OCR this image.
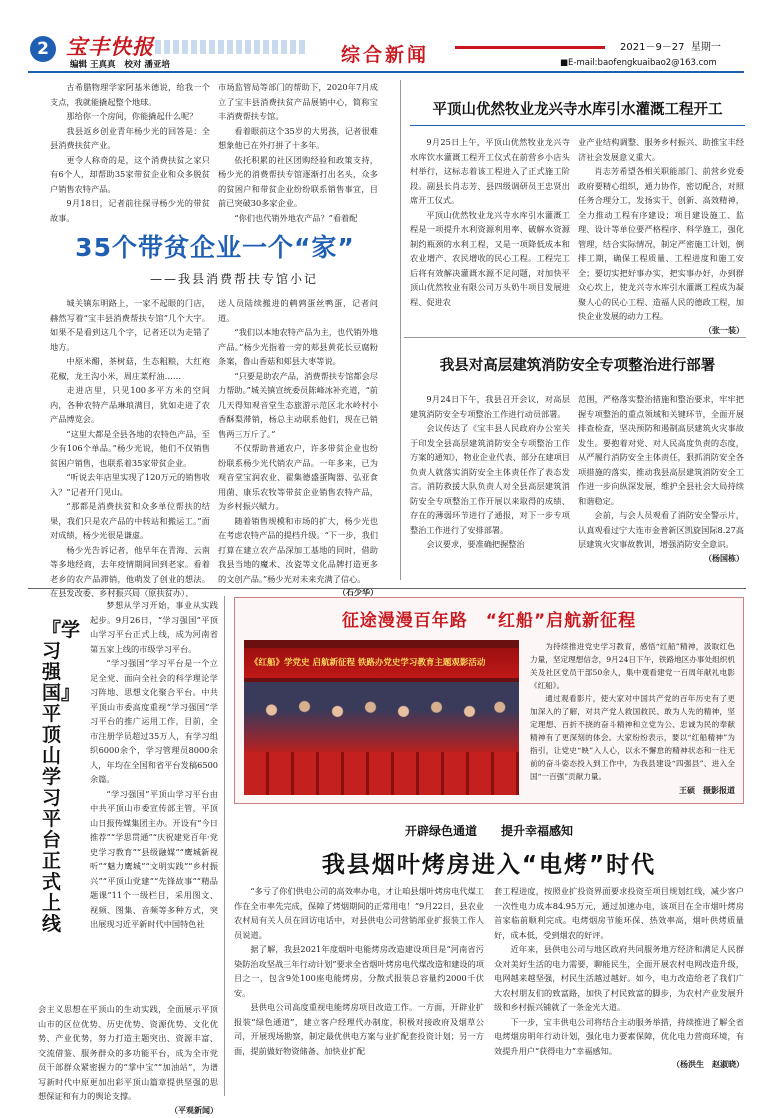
2 宝丰快报
编辑 王真真 校对 潘亚培	综合新闻	2021－9－27 星期一
■E-mail:baofengkuaibao2@163.com

古希腊物理学家阿基米德说，给我一个支点，我就能撬起整个地球。

那给你一个房间，你能撬起什么呢？

我县返乡创业青年杨少光的回答是：全县消费扶贫产业。

更令人称奇的是，这个消费扶贫之家只有6个人，却帮助35家带贫企业和众多脱贫户销售农特产品。

9月18日，记者前往探寻杨少光的带贫故事。

市场监管局等部门的帮助下，2020年7月成立了宝丰县消费扶贫产品展销中心，简称宝丰消费帮扶专馆。

看着眼前这个35岁的大男孩，记者很难想象他已在外打拼了十多年。

依托积累的社区团购经验和政策支持，杨少光的消费帮扶专馆逐渐打出名头，众多的贫困户和带贫企业纷纷联系销售事宜，目前已突破30多家企业。

“你们也代销外地农产品？”看着配

35个带贫企业一个“家”
——我县消费帮扶专馆小记

城关镇东明路上，一家不起眼的门店，赫然写着“宝丰县消费帮扶专馆”几个大字。如果不是看到这几个字，记者还以为走错了地方。

中原米醋，茶树菇，生态粗粮，大红袍花椒，龙王沟小米，周庄菜籽油……

走进店里，只见100多平方米的空间内，各种农特产品琳琅满目，犹如走进了农产品博览会。

“这里大都是全县各地的农特色产品，至少有106个单品。”杨少光说，他们不仅销售贫困户销售，也联系着35家带贫企业。

“听说去年店里实现了120万元的销售收入？”记者开门见山。

“那都是消费扶贫和众多单位帮扶的结果，我们只是农产品的中转站和搬运工。”面对成绩，杨少光很是谦虚。

杨少光告诉记者，他早年在青海、云南等多地经商，去年疫情期间回到老家。看着老乡的农产品滞销，他萌发了创业的想法。在县发改委、乡村振兴局（原扶贫办）、

送人员陆续搬进的鹌鹑蛋丝鸭蛋，记者问道。

“我们以本地农特产品为主，也代销外地产品。”杨少光指着一旁的郏县黄花长豆腐粉条案，鲁山香菇和郏县大枣等说。

“只要是助农产品，消费帮扶专馆都会尽力帮助。”城关镇宣统委员陈峰冰补充道，“前几天得知观音堂生态旅游示范区北水岭村小香酥梨滞销，杨总主动联系他们，现在已销售两三万斤了。”

不仅帮助普通农户，许多带贫企业也纷纷联系杨少光代销农产品。一年多来，已为观音堂宝润农业、翟集德盛蛋陶器、弘亚食用菌、康乐农牧等带贫企业销售农特产品，为乡村振兴赋力。

随着销售规模和市场的扩大，杨少光也在考虑农特产品的提档升级。“下一步，我们打算在建立农产品深加工基地的同时，借助我县当地的魔术、汝瓷等文化品牌打造更多的文创产品。”杨少光对未来充满了信心。

（石少华）
平顶山优然牧业龙兴寺水库引水灌溉工程开工

9月25日上午，平顶山优然牧业龙兴寺水库饮水灌溉工程开工仪式在前营乡小店头村举行，这标志着该工程进入了正式施工阶段。副县长肖志芳、县四级调研员王忠贤出席开工仪式。

平顶山优然牧业龙兴寺水库引水灌溉工程是一项提升水利资源利用率、破解水资源制约瓶颈的水利工程，又是一项降低成本和农业增产、农民增收的民心工程。工程完工后将有效解决灌溉水源不足问题，对加快平顶山优然牧业有限公司万头奶牛项目发展进程、促进农

业产业结构调整、服务乡村振兴、助推宝丰经济社会发展意义重大。

肖志芳希望各相关职能部门、前营乡党委政府要精心组织，通力协作，密切配合，对照任务合理分工，发扬实干、创新、高效精神，全力推动工程有序建设；项目建设施工、监理、设计等单位要严格程序、科学施工，强化管理，结合实际情况，制定严密施工计划，倒排工期，确保工程质量、工程进度和施工安全；要切实把好事办实，把实事办好，办到群众心坎上，使龙兴寺水库引水灌溉工程成为凝聚人心的民心工程、造福人民的德政工程，加快企业发展的动力工程。

（张一装）
我县对高层建筑消防安全专项整治进行部署

9月24日下午，我县召开会议，对高层建筑消防安全专项整治工作进行动员部署。

会议传达了《宝丰县人民政府办公室关于印发全县高层建筑消防安全专项整治工作方案的通知》，物业企业代表、部分在建项目负责人就落实消防安全主体责任作了表态发言。消防救援大队负责人对全县高层建筑消防安全专项整治工作开展以来取得的成绩、存在的薄弱环节进行了通报，对下一步专项整治工作进行了安排部署。

会议要求，要准确把握整治

范围，严格落实整治措施和整治要求，牢牢把握专项整治的重点领域和关键环节，全面开展排查检查，坚决预防和遏制高层建筑火灾事故发生。要抱着对党、对人民高度负责的态度，从严履行消防安全主体责任，狠抓消防安全各项措施的落实，推动我县高层建筑消防安全工作进一步向纵深发展，维护全县社会大局持续和谐稳定。

会前，与会人员观看了消防安全警示片，认真观看过宁大连市金普新区凯旋国际8.27高层建筑火灾事故教训，增强消防安全意识。

（杨国栋）
『学习强国』平顶山学习平台正式上线

梦想从学习开始，事业从实践起步。9月26日，“学习强国”平顶山学习平台正式上线，成为河南省第五家上线的市级学习平台。

“学习强国”学习平台是一个立足全党、面向全社会的科学理论学习阵地、思想文化聚合平台。中共平顶山市委高度重视“学习强国”学习平台的推广运用工作，目前，全市注册学员超过35万人，有学习组织6000余个，学习管理员8000余人，年均在全国和省平台发稿6500余篇。

“学习强国”平顶山学习平台由中共平顶山市委宣传部主管，平顶山日报传媒集团主办。开设有“今日推荐”“学思贯通”“庆祝建党百年·党史学习教育”“县级融媒”“鹰城新视听”“魅力鹰城”“文明实践”“乡村振兴”“平顶山党建”“先锋故事”“精品题课”11个一级栏目，采用图文、视频、图集、音频等多种方式，突出展现习近平新时代中国特色社

会主义思想在平顶山的生动实践，全面展示平顶山市的区位优势、历史优势、资源优势、文化优势、产业优势，努力打造主题突出、资源丰富、交流借鉴、服务群众的多功能平台，成为全市党员干部群众紧密握力的“掌中宝”“加油站”，为谱写新时代中原更加出彩平顶山篇章提供坚强的思想保证和有力的舆论支撑。

（平观新闻）
征途漫漫百年路　“红船”启航新征程
《红船》学党史 启航新征程 铁路办党史学习教育主题观影活动

为持续推进党史学习教育，感悟“红船”精神，汲取红色力量，坚定理想信念，9月24日下午，铁路地区办事处组织机关及社区党员干部50余人，集中观看建党一百周年献礼电影《红船》。

通过观看影片，使大家对中国共产党的百年历史有了更加深入的了解，对共产党人救国救民、敢为人先的精神，坚定理想、百折不挠的奋斗精神和立党为公、忠诚为民的奉献精神有了更深刻的体会。大家纷纷表示，要以“红船精神”为指引，让党史“映”入人心，以永不懈怠的精神状态和一往无前的奋斗姿态投入到工作中，为我县建设“四强县”、进入全国“一百强”贡献力量。

王硕　摄影报道
开辟绿色通道　　提升幸福感知
我县烟叶烤房进入“电烤”时代

“多亏了你们供电公司的高效率办电，才让咱县烟叶烤房电代煤工作在全市率先完成，保障了烤烟期间的正常用电！”9月22日，县农业农村局有关人员在回访电话中，对县供电公司营销部业扩报装工作人员说道。

据了解，我县2021年度烟叶电能烤房改造建设项目是“河南省污染防治攻坚战三年行动计划”要求全省烟叶烤房电代煤改造和建设的项目之一，包含9处100座电能烤房，分散式报装总容量约2000千伏安。

县供电公司高度重视电能烤房项目改造工作。一方面，开辟业扩报装“绿色通道”，建立客户经理代办制度，积极对接政府及烟草公司，开展现场勘察，制定最优供电方案与业扩配套投资计划；另一方面，提前做好物资储备、加快业扩配

套工程进度，按照业扩投资界面要求投资至项目规划红线，减少客户一次性电力成本84.95万元，通过加速办电，该项目在全市烟叶烤房首家临前顺利完成。电烤烟房节能环保、热效率高，烟叶供烤质量好，成本低，受到烟农的好评。

近年来，县供电公司与地区政府共同服务地方经济和满足人民群众对美好生活的电力需要，聊能民生，全面开展农村电网改造升级，电网越来越坚强，村民生活越过越好。如今，电力改造给老了我们广大农村朋友们的致富路，加快了村民致富的脚步，为农村产业发展升级和乡村振兴铺就了一条金光大道。

下一步，宝丰供电公司将结合主动服务举措，持续推进了解全省电烤烟房明年行动计划，强化电力要素保障，优化电力营商环境，有效提升用户“获得电力”幸福感知。

（杨洪生　赵淑晓）
